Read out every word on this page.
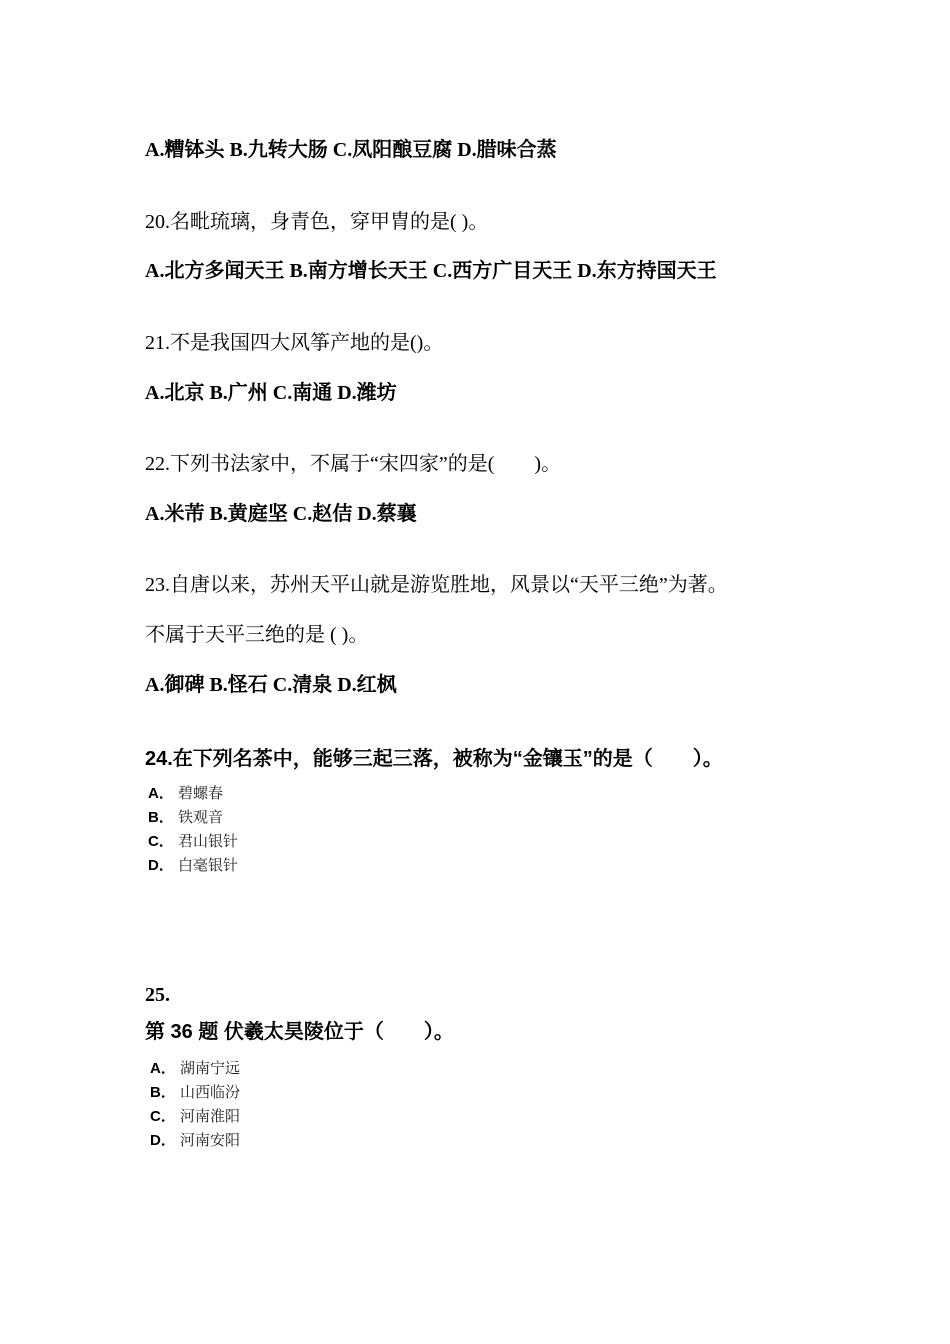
A.糟钵头 B.九转大肠 C.凤阳酿豆腐 D.腊味合蒸
20.名毗琉璃，身青色，穿甲胄的是( )。
A.北方多闻天王 B.南方增长天王 C.西方广目天王 D.东方持国天王
21.不是我国四大风筝产地的是()。
A.北京 B.广州 C.南通 D.潍坊
22.下列书法家中，不属于“宋四家”的是(　　)。
A.米芾 B.黄庭坚 C.赵佶 D.蔡襄
23.自唐以来，苏州天平山就是游览胜地，风景以“天平三绝”为著。
不属于天平三绝的是 ( )。
A.御碑 B.怪石 C.清泉 D.红枫
24.在下列名茶中，能够三起三落，被称为“金镶玉”的是（　　）。
A． 碧螺春
B． 铁观音
C． 君山银针
D． 白毫银针
25.
第 36 题 伏羲太昊陵位于（　　）。
A． 湖南宁远
B． 山西临汾
C． 河南淮阳
D． 河南安阳
